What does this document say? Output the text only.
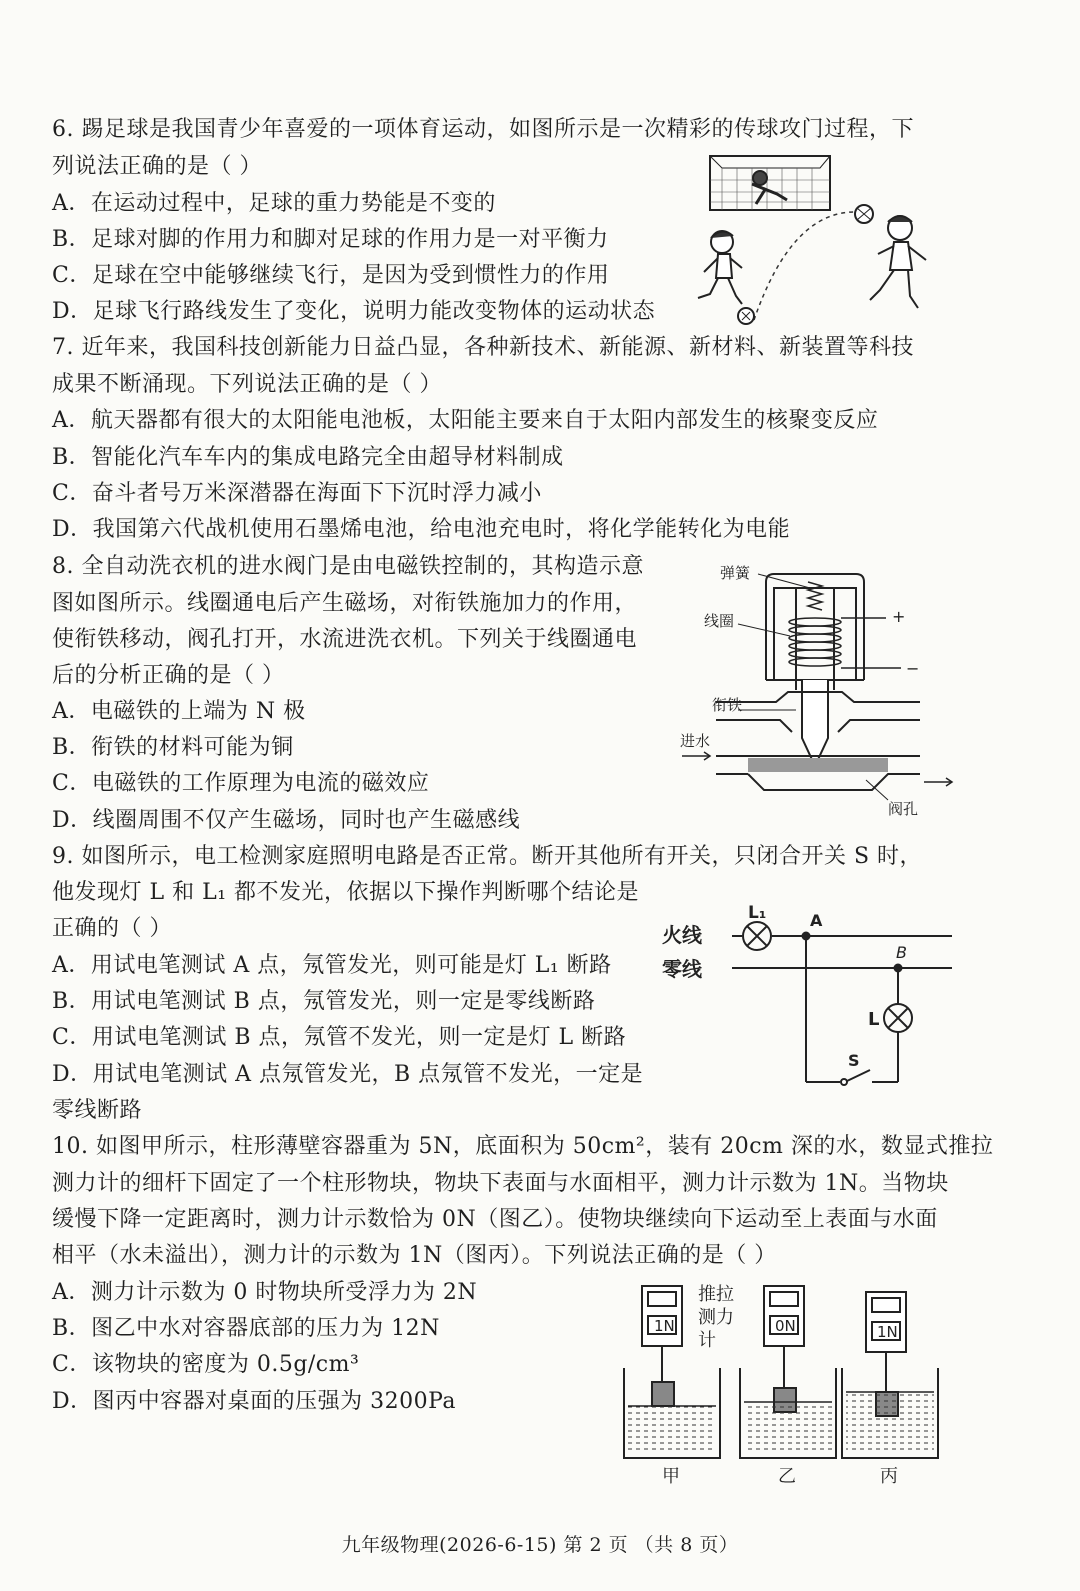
6. 踢足球是我国青少年喜爱的一项体育运动，如图所示是一次精彩的传球攻门过程，下
列说法正确的是（ ）
A．在运动过程中，足球的重力势能是不变的
B．足球对脚的作用力和脚对足球的作用力是一对平衡力
C．足球在空中能够继续飞行，是因为受到惯性力的作用
D．足球飞行路线发生了变化，说明力能改变物体的运动状态
7. 近年来，我国科技创新能力日益凸显，各种新技术、新能源、新材料、新装置等科技
成果不断涌现。下列说法正确的是（ ）
A．航天器都有很大的太阳能电池板，太阳能主要来自于太阳内部发生的核聚变反应
B．智能化汽车车内的集成电路完全由超导材料制成
C．奋斗者号万米深潜器在海面下下沉时浮力减小
D．我国第六代战机使用石墨烯电池，给电池充电时，将化学能转化为电能
8. 全自动洗衣机的进水阀门是由电磁铁控制的，其构造示意
图如图所示。线圈通电后产生磁场，对衔铁施加力的作用，
使衔铁移动，阀孔打开，水流进洗衣机。下列关于线圈通电
后的分析正确的是（ ）
A．电磁铁的上端为 N 极
B．衔铁的材料可能为铜
C．电磁铁的工作原理为电流的磁效应
D．线圈周围不仅产生磁场，同时也产生磁感线
弹簧
线圈
衔铁
进水
阀孔
+
−
9. 如图所示，电工检测家庭照明电路是否正常。断开其他所有开关，只闭合开关 S 时，
他发现灯 L 和 L₁ 都不发光，依据以下操作判断哪个结论是
正确的（ ）
A．用试电笔测试 A 点，氖管发光，则可能是灯 L₁ 断路
B．用试电笔测试 B 点，氖管发光，则一定是零线断路
C．用试电笔测试 B 点，氖管不发光，则一定是灯 L 断路
D．用试电笔测试 A 点氖管发光，B 点氖管不发光，一定是
零线断路
火线
零线
L₁	A
B
L
S
10. 如图甲所示，柱形薄壁容器重为 5N，底面积为 50cm²，装有 20cm 深的水，数显式推拉
测力计的细杆下固定了一个柱形物块，物块下表面与水面相平，测力计示数为 1N。当物块
缓慢下降一定距离时，测力计示数恰为 0N（图乙）。使物块继续向下运动至上表面与水面
相平（水未溢出），测力计的示数为 1N（图丙）。下列说法正确的是（ ）
A．测力计示数为 0 时物块所受浮力为 2N
B．图乙中水对容器底部的压力为 12N
C．该物块的密度为 0.5g/cm³
D．图丙中容器对桌面的压强为 3200Pa
1N	0N	1N
推拉
测力
计
甲	乙	丙
九年级物理(2026-6-15) 第 2 页 （共 8 页）
